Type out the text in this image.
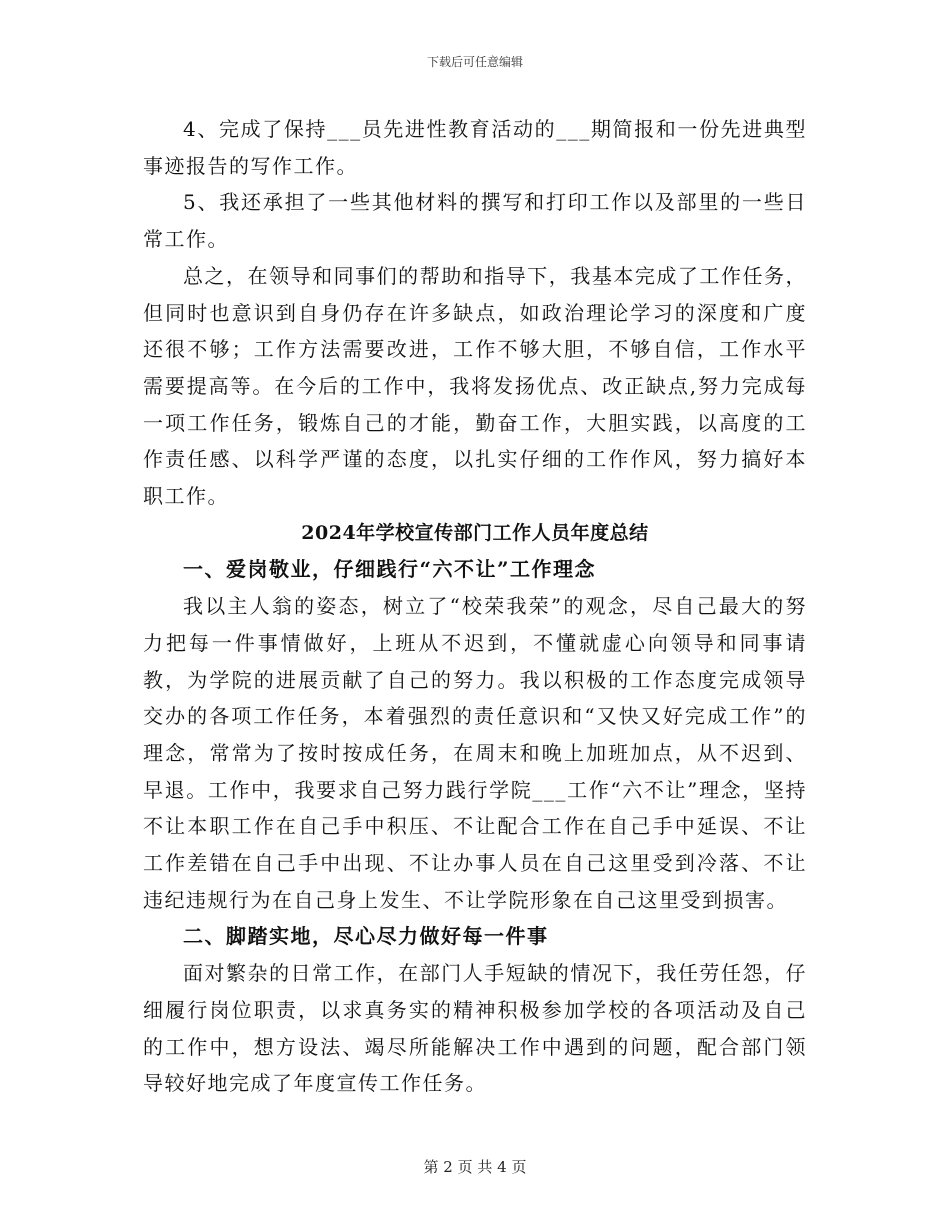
下载后可任意编辑

4、完成了保持___员先进性教育活动的___期简报和一份先进典型事迹报告的写作工作。

5、我还承担了一些其他材料的撰写和打印工作以及部里的一些日常工作。

总之，在领导和同事们的帮助和指导下，我基本完成了工作任务，但同时也意识到自身仍存在许多缺点，如政治理论学习的深度和广度还很不够；工作方法需要改进，工作不够大胆，不够自信，工作水平需要提高等。在今后的工作中，我将发扬优点、改正缺点,努力完成每一项工作任务，锻炼自己的才能，勤奋工作，大胆实践，以高度的工作责任感、以科学严谨的态度，以扎实仔细的工作作风，努力搞好本职工作。

2024年学校宣传部门工作人员年度总结

一、爱岗敬业，仔细践行“六不让”工作理念

我以主人翁的姿态，树立了“校荣我荣”的观念，尽自己最大的努力把每一件事情做好，上班从不迟到，不懂就虚心向领导和同事请教，为学院的进展贡献了自己的努力。我以积极的工作态度完成领导交办的各项工作任务，本着强烈的责任意识和“又快又好完成工作”的理念，常常为了按时按成任务，在周末和晚上加班加点，从不迟到、早退。工作中，我要求自己努力践行学院___工作“六不让”理念，坚持不让本职工作在自己手中积压、不让配合工作在自己手中延误、不让工作差错在自己手中出现、不让办事人员在自己这里受到冷落、不让违纪违规行为在自己身上发生、不让学院形象在自己这里受到损害。

二、脚踏实地，尽心尽力做好每一件事

面对繁杂的日常工作，在部门人手短缺的情况下，我任劳任怨，仔细履行岗位职责，以求真务实的精神积极参加学校的各项活动及自己的工作中，想方设法、竭尽所能解决工作中遇到的问题，配合部门领导较好地完成了年度宣传工作任务。

第 2 页 共 4 页
